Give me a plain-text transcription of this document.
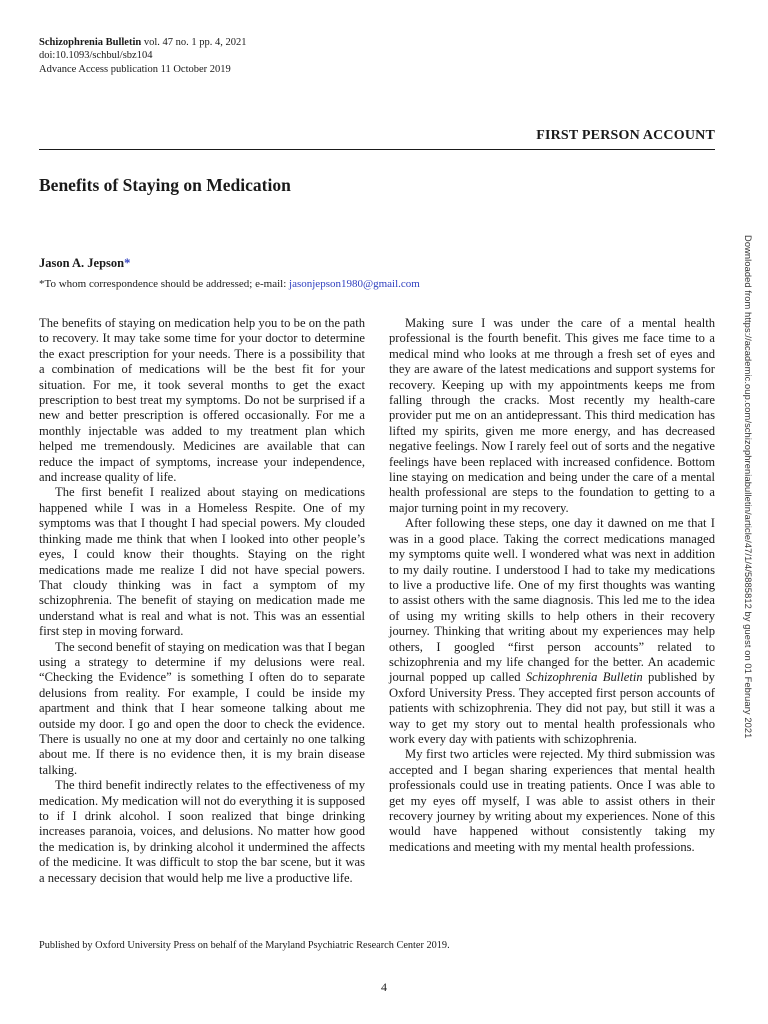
Schizophrenia Bulletin vol. 47 no. 1 pp. 4, 2021
doi:10.1093/schbul/sbz104
Advance Access publication 11 October 2019
FIRST PERSON ACCOUNT
Benefits of Staying on Medication
Jason A. Jepson*
*To whom correspondence should be addressed; e-mail: jasonjepson1980@gmail.com

The benefits of staying on medication help you to be on the path to recovery. It may take some time for your doctor to determine the exact prescription for your needs. There is a possibility that a combination of medications will be the best fit for your situation. For me, it took several months to get the exact prescription to best treat my symptoms. Do not be surprised if a new and better prescription is offered occasionally. For me a monthly injectable was added to my treatment plan which helped me tremendously. Medicines are available that can reduce the impact of symptoms, increase your independence, and increase quality of life.

The first benefit I realized about staying on medications happened while I was in a Homeless Respite. One of my symptoms was that I thought I had special powers. My clouded thinking made me think that when I looked into other people’s eyes, I could know their thoughts. Staying on the right medications made me realize I did not have special powers. That cloudy thinking was in fact a symptom of my schizophrenia. The benefit of staying on medication made me understand what is real and what is not. This was an essential first step in moving forward.

The second benefit of staying on medication was that I began using a strategy to determine if my delusions were real. “Checking the Evidence” is something I often do to separate delusions from reality. For example, I could be inside my apartment and think that I hear someone talking about me outside my door. I go and open the door to check the evidence. There is usually no one at my door and certainly no one talking about me. If there is no evidence then, it is my brain disease talking.

The third benefit indirectly relates to the effectiveness of my medication. My medication will not do everything it is supposed to if I drink alcohol. I soon realized that binge drinking increases paranoia, voices, and delusions. No matter how good the medication is, by drinking alcohol it undermined the affects of the medicine. It was difficult to stop the bar scene, but it was a necessary decision that would help me live a productive life.

Making sure I was under the care of a mental health professional is the fourth benefit. This gives me face time to a medical mind who looks at me through a fresh set of eyes and they are aware of the latest medications and support systems for recovery. Keeping up with my appointments keeps me from falling through the cracks. Most recently my health-care provider put me on an antidepressant. This third medication has lifted my spirits, given me more energy, and has decreased negative feelings. Now I rarely feel out of sorts and the negative feelings have been replaced with increased confidence. Bottom line staying on medication and being under the care of a mental health professional are steps to the foundation to getting to a major turning point in my recovery.

After following these steps, one day it dawned on me that I was in a good place. Taking the correct medications managed my symptoms quite well. I wondered what was next in addition to my daily routine. I understood I had to take my medications to live a productive life. One of my first thoughts was wanting to assist others with the same diagnosis. This led me to the idea of using my writing skills to help others in their recovery journey. Thinking that writing about my experiences may help others, I googled “first person accounts” related to schizophrenia and my life changed for the better. An academic journal popped up called Schizophrenia Bulletin published by Oxford University Press. They accepted first person accounts of patients with schizophrenia. They did not pay, but still it was a way to get my story out to mental health professionals who work every day with patients with schizophrenia.

My first two articles were rejected. My third submission was accepted and I began sharing experiences that mental health professionals could use in treating patients. Once I was able to get my eyes off myself, I was able to assist others in their recovery journey by writing about my experiences. None of this would have happened without consistently taking my medications and meeting with my mental health professions.

Published by Oxford University Press on behalf of the Maryland Psychiatric Research Center 2019.
4
Downloaded from https://academic.oup.com/schizophreniabulletin/article/47/1/4/5885812 by guest on 01 February 2021
